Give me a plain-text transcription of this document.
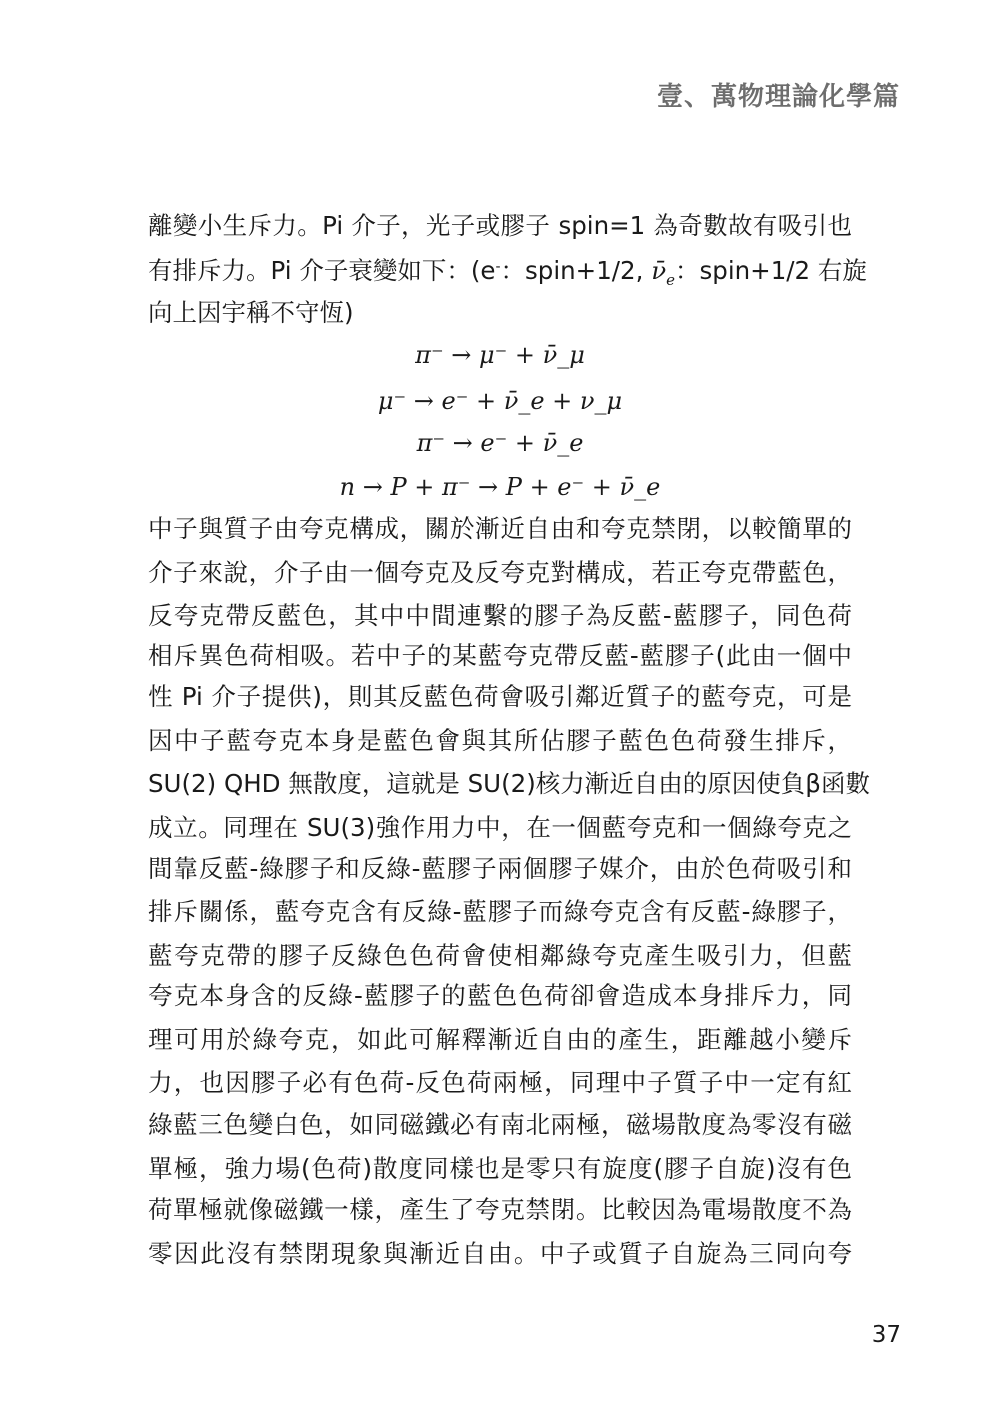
壹、萬物理論化學篇
離變小生斥力。Pi 介子，光子或膠子 spin=1 為奇數故有吸引也
有排斥力。Pi 介子衰變如下：(e-：spin+1/2, $\nū_e$：spin+1/2 右旋
向上因宇稱不守恆)
π⁻ → μ⁻ + ν̄_μ
μ⁻ → e⁻ + ν̄_e + ν_μ
π⁻ → e⁻ + ν̄_e
n → P + π⁻ → P + e⁻ + ν̄_e
中子與質子由夸克構成，關於漸近自由和夸克禁閉，以較簡單的
介子來說，介子由一個夸克及反夸克對構成，若正夸克帶藍色，
反夸克帶反藍色，其中中間連繫的膠子為反藍-藍膠子，同色荷
相斥異色荷相吸。若中子的某藍夸克帶反藍-藍膠子(此由一個中
性 Pi 介子提供)，則其反藍色荷會吸引鄰近質子的藍夸克，可是
因中子藍夸克本身是藍色會與其所佔膠子藍色色荷發生排斥，
SU(2) QHD 無散度，這就是 SU(2)核力漸近自由的原因使負β函數
成立。同理在 SU(3)強作用力中，在一個藍夸克和一個綠夸克之
間靠反藍-綠膠子和反綠-藍膠子兩個膠子媒介，由於色荷吸引和
排斥關係，藍夸克含有反綠-藍膠子而綠夸克含有反藍-綠膠子，
藍夸克帶的膠子反綠色色荷會使相鄰綠夸克產生吸引力，但藍
夸克本身含的反綠-藍膠子的藍色色荷卻會造成本身排斥力，同
理可用於綠夸克，如此可解釋漸近自由的產生，距離越小變斥
力，也因膠子必有色荷-反色荷兩極，同理中子質子中一定有紅
綠藍三色變白色，如同磁鐵必有南北兩極，磁場散度為零沒有磁
單極，強力場(色荷)散度同樣也是零只有旋度(膠子自旋)沒有色
荷單極就像磁鐵一樣，產生了夸克禁閉。比較因為電場散度不為
零因此沒有禁閉現象與漸近自由。中子或質子自旋為三同向夸
37
